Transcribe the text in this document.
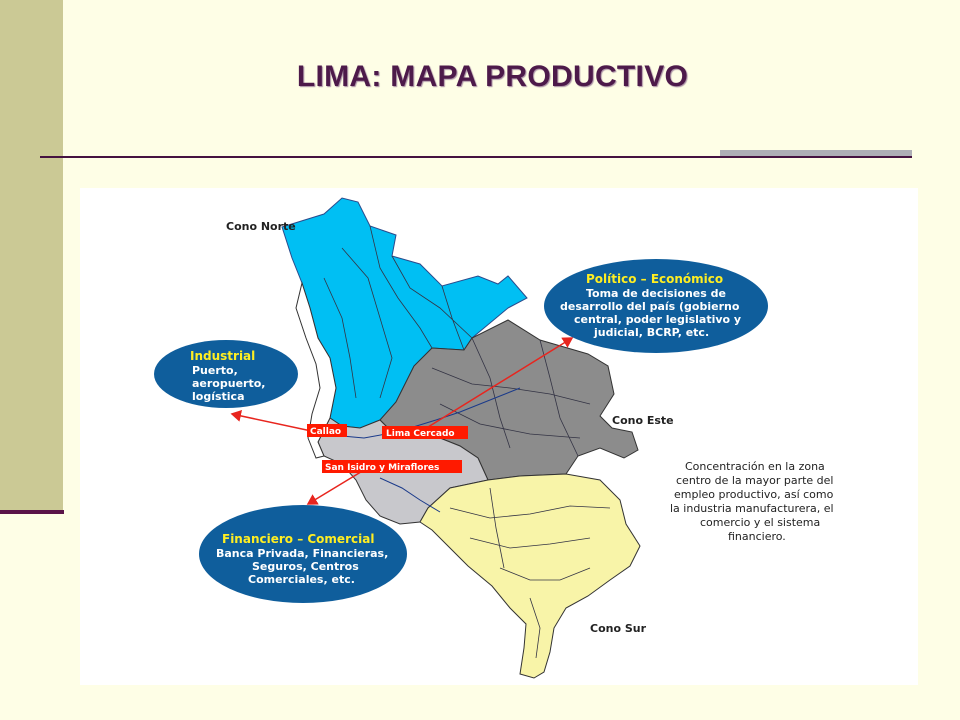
LIMA: MAPA PRODUCTIVO
Cono Norte
Cono Este
Cono Sur
Callao	Lima Cercado
San Isidro y Miraflores
Industrial
Puerto,
aeropuerto,
logística
Político – Económico
Toma de decisiones de
desarrollo del país (gobierno
central, poder legislativo y
judicial, BCRP, etc.
Financiero – Comercial
Banca Privada, Financieras,
Seguros, Centros
Comerciales, etc.
Concentración en la zona
centro de la mayor parte del
empleo productivo, así como
la industria manufacturera, el
comercio y el sistema
financiero.
